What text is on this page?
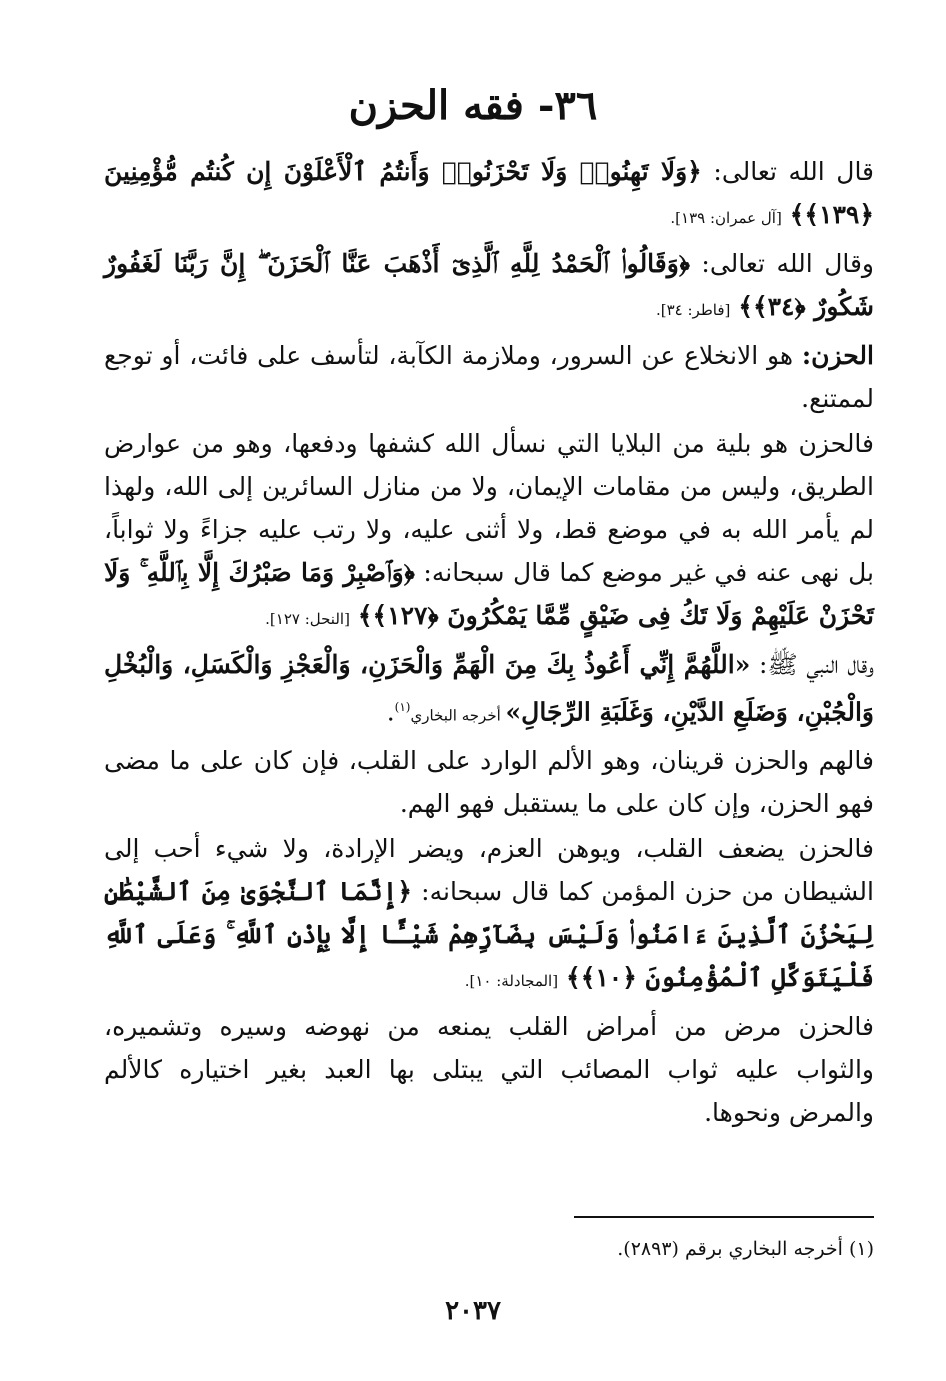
٣٦- فقه الحزن

قال الله تعالى: ﴿وَلَا تَهِنُوا۟ وَلَا تَحْزَنُوا۟ وَأَنتُمُ ٱلْأَعْلَوْنَ إِن كُنتُم مُّؤْمِنِينَ ﴿١٣٩﴾﴾ [آل عمران: ١٣٩].

وقال الله تعالى: ﴿وَقَالُوا۟ ٱلْحَمْدُ لِلَّهِ ٱلَّذِىٓ أَذْهَبَ عَنَّا ٱلْحَزَنَ ۖ إِنَّ رَبَّنَا لَغَفُورٌ شَكُورٌ ﴿٣٤﴾﴾ [فاطر: ٣٤].

الحزن: هو الانخلاع عن السرور، وملازمة الكآبة، لتأسف على فائت، أو توجع لممتنع.

فالحزن هو بلية من البلايا التي نسأل الله كشفها ودفعها، وهو من عوارض الطريق، وليس من مقامات الإيمان، ولا من منازل السائرين إلى الله، ولهذا لم يأمر الله به في موضع قط، ولا أثنى عليه، ولا رتب عليه جزاءً ولا ثواباً، بل نهى عنه في غير موضع كما قال سبحانه: ﴿وَٱصْبِرْ وَمَا صَبْرُكَ إِلَّا بِٱللَّهِ ۚ وَلَا تَحْزَنْ عَلَيْهِمْ وَلَا تَكُ فِى ضَيْقٍ مِّمَّا يَمْكُرُونَ ﴿١٢٧﴾﴾ [النحل: ١٢٧].

وقال النبي ﷺ: «اللَّهُمَّ إِنِّي أَعُوذُ بِكَ مِنَ الْهَمِّ وَالْحَزَنِ، وَالْعَجْزِ وَالْكَسَلِ، وَالْبُخْلِ وَالْجُبْنِ، وَضَلَعِ الدَّيْنِ، وَغَلَبَةِ الرِّجَالِ» أخرجه البخاري$^{(١)}$.

فالهم والحزن قرينان، وهو الألم الوارد على القلب، فإن كان على ما مضى فهو الحزن، وإن كان على ما يستقبل فهو الهم.

فالحزن يضعف القلب، ويوهن العزم، ويضر الإرادة، ولا شيء أحب إلى الشيطان من حزن المؤمن كما قال سبحانه: ﴿إِنَّمَا ٱلنَّجْوَىٰ مِنَ ٱلشَّيْطَٰنِ لِيَحْزُنَ ٱلَّذِينَ ءَامَنُوا۟ وَلَيْسَ بِضَآرِّهِمْ شَيْـًٔا إِلَّا بِإِذْنِ ٱللَّهِ ۚ وَعَلَى ٱللَّهِ فَلْيَتَوَكَّلِ ٱلْمُؤْمِنُونَ ﴿١٠﴾﴾ [المجادلة: ١٠].

فالحزن مرض من أمراض القلب يمنعه من نهوضه وسيره وتشميره، والثواب عليه ثواب المصائب التي يبتلى بها العبد بغير اختياره كالألم والمرض ونحوها.

(١) أخرجه البخاري برقم (٢٨٩٣).
٢٠٣٧
